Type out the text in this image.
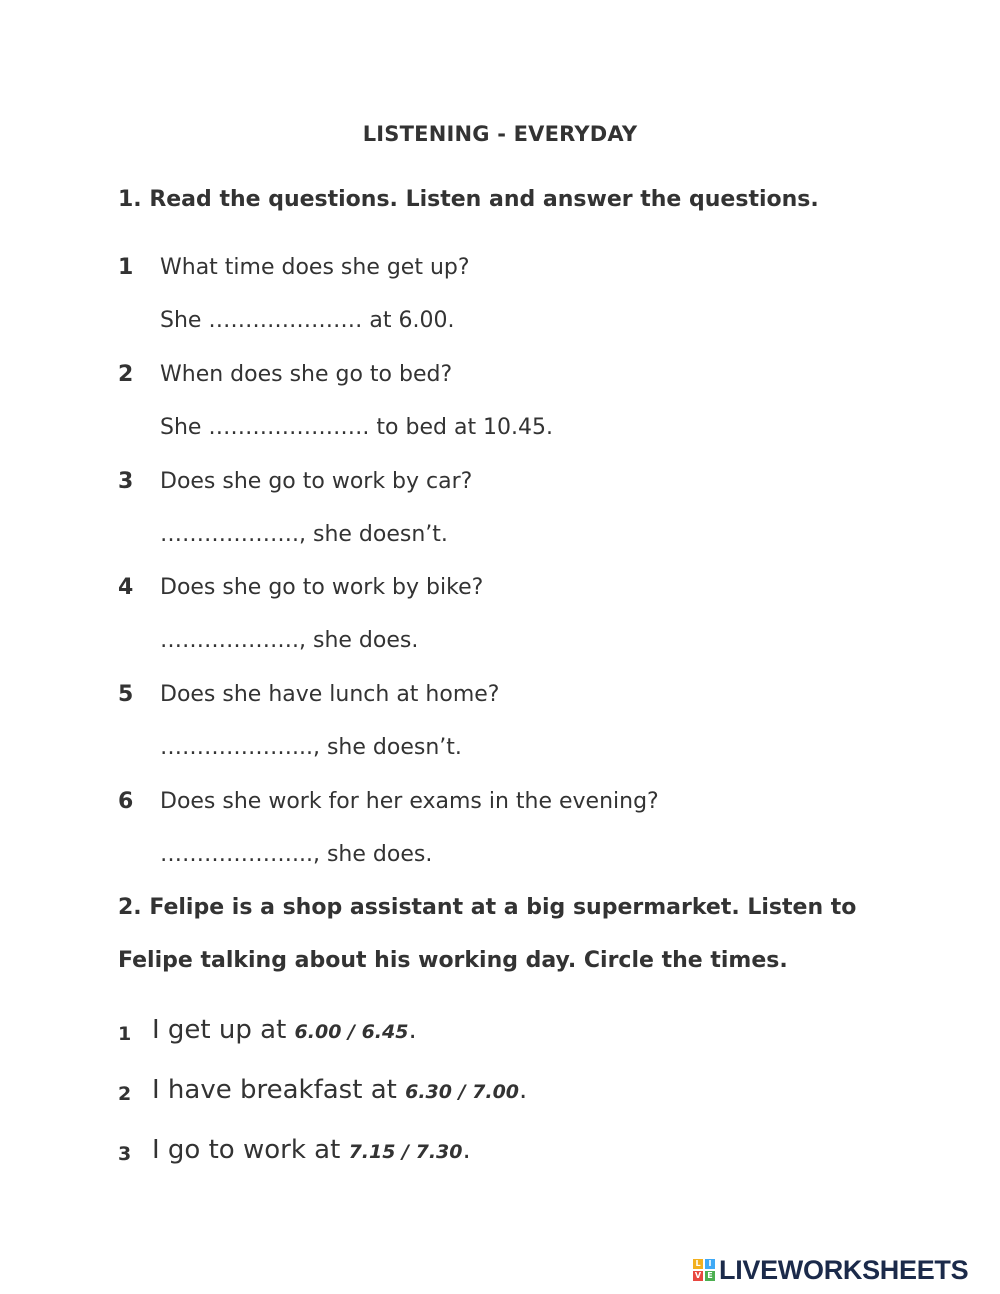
LISTENING - EVERYDAY
1. Read the questions. Listen and answer the questions.
1 What time does she get up?
She ………………… at 6.00.
2 When does she go to bed?
She …………………. to bed at 10.45.
3 Does she go to work by car?
………………., she doesn’t.
4 Does she go to work by bike?
………………., she does.
5 Does she have lunch at home?
………………..., she doesn’t.
6 Does she work for her exams in the evening?
………………..., she does.
2. Felipe is a shop assistant at a big supermarket. Listen to
Felipe talking about his working day. Circle the times.
1 I get up at 6.00 / 6.45.
2 I have breakfast at 6.30 / 7.00.
3 I go to work at 7.15 / 7.30.
L I
V E LIVEWORKSHEETS
